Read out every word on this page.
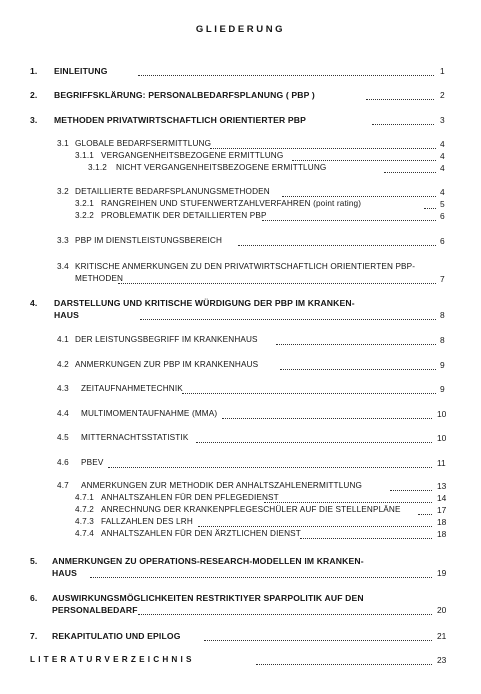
GLIEDERUNG
1. EINLEITUNG	1
2. BEGRIFFSKLÄRUNG: PERSONALBEDARFSPLANUNG ( PBP )	2
3. METHODEN PRIVATWIRTSCHAFTLICH ORIENTIERTER PBP	3
3.1 GLOBALE BEDARFSERMITTLUNG	4
3.1.1 VERGANGENHEITSBEZOGENE ERMITTLUNG	4
3.1.2 NICHT VERGANGENHEITSBEZOGENE ERMITTLUNG	4
3.2 DETAILLIERTE BEDARFSPLANUNGSMETHODEN	4
3.2.1 RANGREIHEN UND STUFENWERTZAHLVERFAHREN (point rating)	5
3.2.2 PROBLEMATIK DER DETAILLIERTEN PBP	6
3.3 PBP IM DIENSTLEISTUNGSBEREICH	6
3.4 KRITISCHE ANMERKUNGEN ZU DEN PRIVATWIRTSCHAFTLICH ORIENTIERTEN PBP-
METHODEN	7
4. DARSTELLUNG UND KRITISCHE WÜRDIGUNG DER PBP IM KRANKEN-
HAUS	8
4.1 DER LEISTUNGSBEGRIFF IM KRANKENHAUS	8
4.2 ANMERKUNGEN ZUR PBP IM KRANKENHAUS	9
4.3 ZEITAUFNAHMETECHNIK	9
4.4 MULTIMOMENTAUFNAHME (MMA)	10
4.5 MITTERNACHTSSTATISTIK	10
4.6 PBEV	11
4.7 ANMERKUNGEN ZUR METHODIK DER ANHALTSZAHLENERMITTLUNG	13
4.7.1 ANHALTSZAHLEN FÜR DEN PFLEGEDIENST	14
4.7.2 ANRECHNUNG DER KRANKENPFLEGESCHÜLER AUF DIE STELLENPLÄNE	17
4.7.3 FALLZAHLEN DES LRH	18
4.7.4 ANHALTSZAHLEN FÜR DEN ÄRZTLICHEN DIENST	18
5. ANMERKUNGEN ZU OPERATIONS-RESEARCH-MODELLEN IM KRANKEN-
HAUS	19
6. AUSWIRKUNGSMÖGLICHKEITEN RESTRIKTIYER SPARPOLITIK AUF DEN
PERSONALBEDARF	20
7. REKAPITULATIO UND EPILOG	21
LITERATURVERZEICHNIS	23
